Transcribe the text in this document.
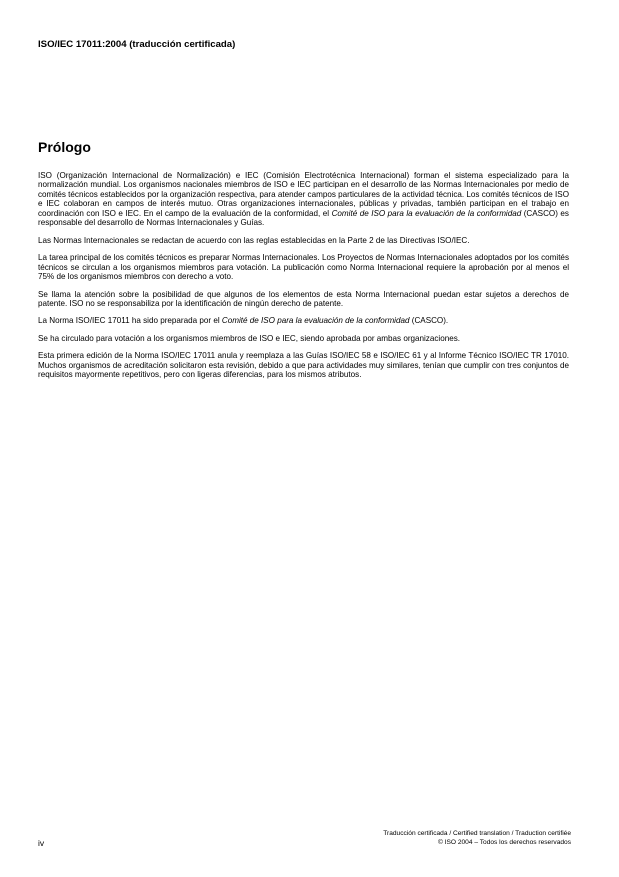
ISO/IEC 17011:2004 (traducción certificada)
Prólogo

ISO (Organización Internacional de Normalización) e IEC (Comisión Electrotécnica Internacional) forman el sistema especializado para la normalización mundial. Los organismos nacionales miembros de ISO e IEC participan en el desarrollo de las Normas Internacionales por medio de comités técnicos establecidos por la organización respectiva, para atender campos particulares de la actividad técnica. Los comités técnicos de ISO e IEC colaboran en campos de interés mutuo. Otras organizaciones internacionales, públicas y privadas, también participan en el trabajo en coordinación con ISO e IEC. En el campo de la evaluación de la conformidad, el Comité de ISO para la evaluación de la conformidad (CASCO) es responsable del desarrollo de Normas Internacionales y Guías.

Las Normas Internacionales se redactan de acuerdo con las reglas establecidas en la Parte 2 de las Directivas ISO/IEC.

La tarea principal de los comités técnicos es preparar Normas Internacionales. Los Proyectos de Normas Internacionales adoptados por los comités técnicos se circulan a los organismos miembros para votación. La publicación como Norma Internacional requiere la aprobación por al menos el 75% de los organismos miembros con derecho a voto.

Se llama la atención sobre la posibilidad de que algunos de los elementos de esta Norma Internacional puedan estar sujetos a derechos de patente. ISO no se responsabiliza por la identificación de ningún derecho de patente.

La Norma ISO/IEC 17011 ha sido preparada por el Comité de ISO para la evaluación de la conformidad (CASCO).

Se ha circulado para votación a los organismos miembros de ISO e IEC, siendo aprobada por ambas organizaciones.

Esta primera edición de la Norma ISO/IEC 17011 anula y reemplaza a las Guías ISO/IEC 58 e ISO/IEC 61 y al Informe Técnico ISO/IEC TR 17010. Muchos organismos de acreditación solicitaron esta revisión, debido a que para actividades muy similares, tenían que cumplir con tres conjuntos de requisitos mayormente repetitivos, pero con ligeras diferencias, para los mismos atributos.

Traducción certificada / Certified translation / Traduction certifiée
© ISO 2004 – Todos los derechos reservados
iv
